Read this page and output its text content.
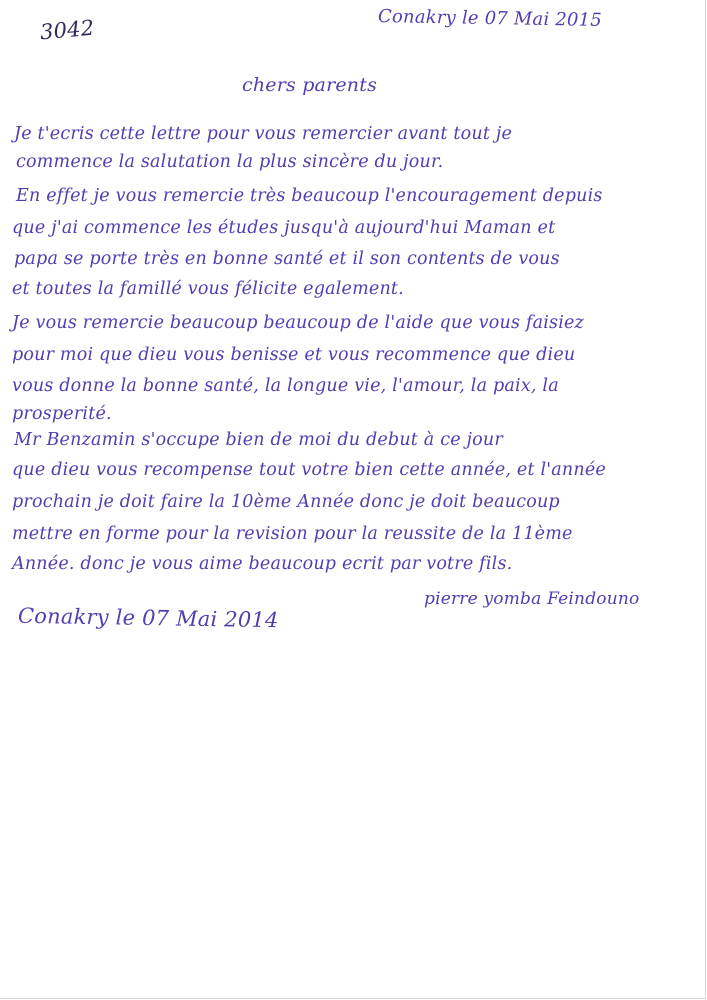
3042	Conakry le 07 Mai 2015
chers parents
Je t'ecris cette lettre pour vous remercier avant tout je
commence la salutation la plus sincère du jour.
En effet je vous remercie très beaucoup l'encouragement depuis
que j'ai commence les études jusqu'à aujourd'hui Maman et
papa se porte très en bonne santé et il son contents de vous
et toutes la famillé vous félicite egalement.
Je vous remercie beaucoup beaucoup de l'aide que vous faisiez
pour moi que dieu vous benisse et vous recommence que dieu
vous donne la bonne santé, la longue vie, l'amour, la paix, la
prosperité.
Mr Benzamin s'occupe bien de moi du debut à ce jour
que dieu vous recompense tout votre bien cette année, et l'année
prochain je doit faire la 10ème Année donc je doit beaucoup
mettre en forme pour la revision pour la reussite de la 11ème
Année. donc je vous aime beaucoup ecrit par votre fils.
pierre yomba Feindouno
Conakry le 07 Mai 2014
